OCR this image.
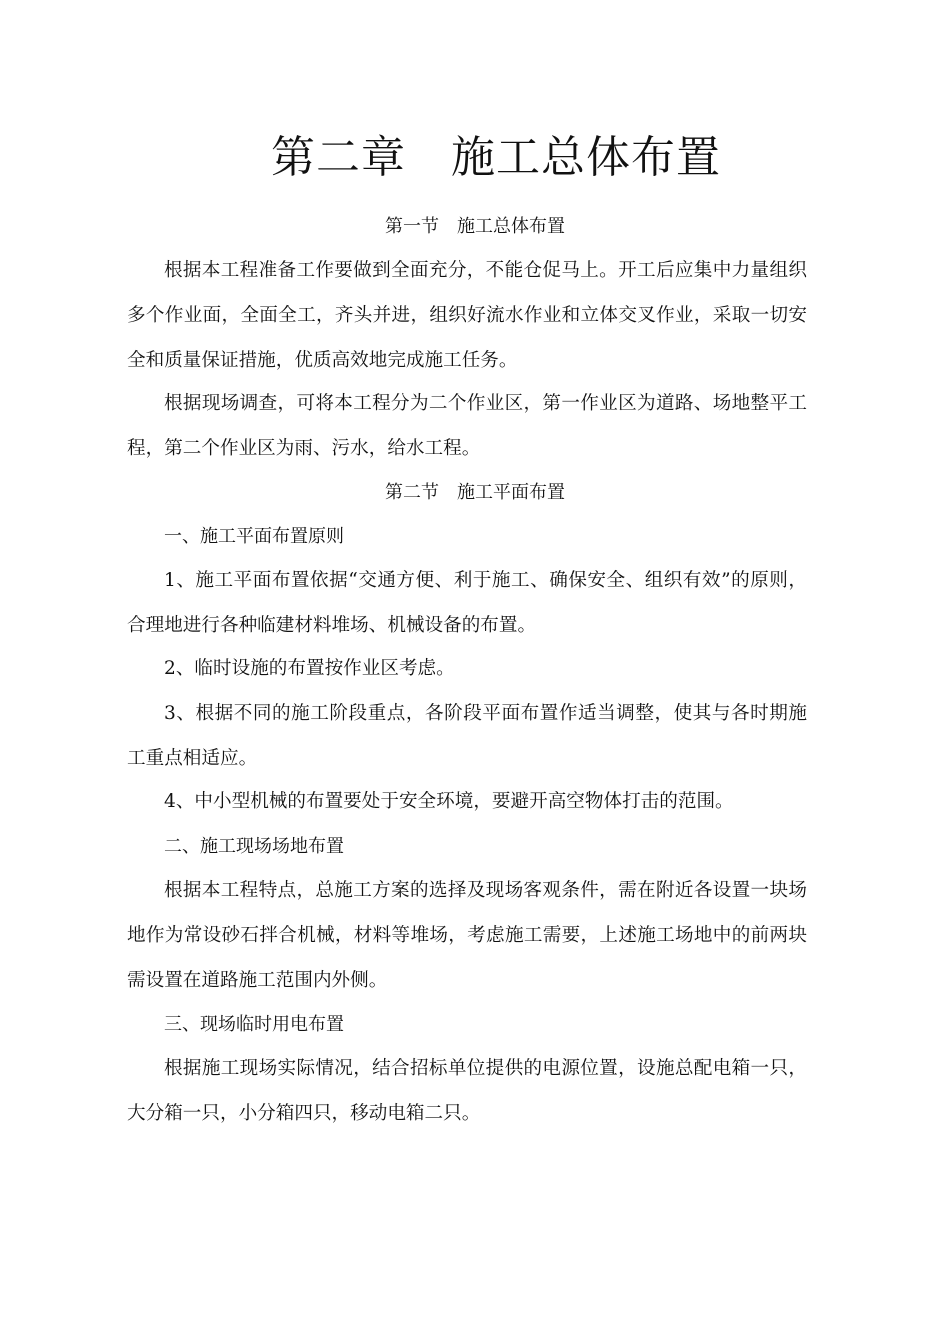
第二章　施工总体布置
第一节　施工总体布置

根据本工程准备工作要做到全面充分，不能仓促马上。开工后应集中力量组织多个作业面，全面全工，齐头并进，组织好流水作业和立体交叉作业，采取一切安全和质量保证措施，优质高效地完成施工任务。

根据现场调查，可将本工程分为二个作业区，第一作业区为道路、场地整平工程，第二个作业区为雨、污水，给水工程。

第二节　施工平面布置
一、施工平面布置原则

1、施工平面布置依据“交通方便、利于施工、确保安全、组织有效”的原则，合理地进行各种临建材料堆场、机械设备的布置。

2、临时设施的布置按作业区考虑。

3、根据不同的施工阶段重点，各阶段平面布置作适当调整，使其与各时期施工重点相适应。

4、中小型机械的布置要处于安全环境，要避开高空物体打击的范围。

二、施工现场场地布置

根据本工程特点，总施工方案的选择及现场客观条件，需在附近各设置一块场地作为常设砂石拌合机械，材料等堆场，考虑施工需要，上述施工场地中的前两块需设置在道路施工范围内外侧。

三、现场临时用电布置

根据施工现场实际情况，结合招标单位提供的电源位置，设施总配电箱一只，大分箱一只，小分箱四只，移动电箱二只。
